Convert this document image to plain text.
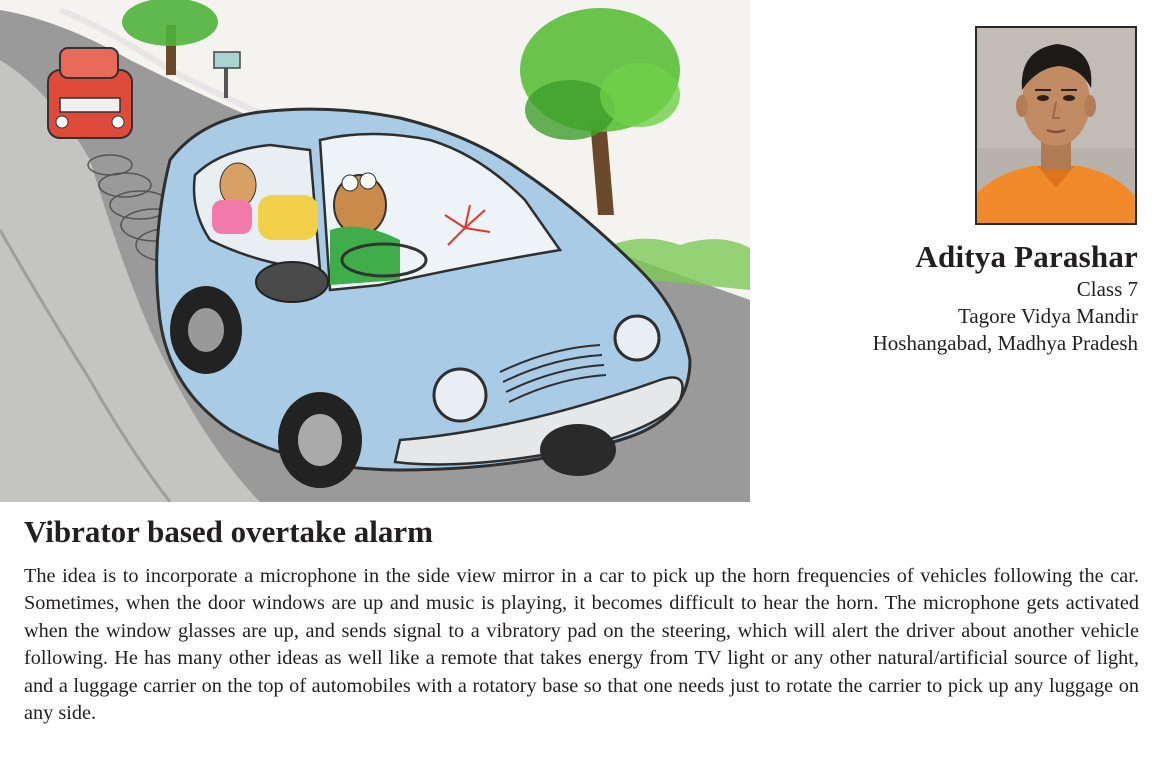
Aditya Parashar
Class 7
Tagore Vidya Mandir
Hoshangabad, Madhya Pradesh
Vibrator based overtake alarm

The idea is to incorporate a microphone in the side view mirror in a car to pick up the horn frequencies of vehicles following the car. Sometimes, when the door windows are up and music is playing, it becomes difficult to hear the horn. The microphone gets activated when the window glasses are up, and sends signal to a vibratory pad on the steering, which will alert the driver about another vehicle following. He has many other ideas as well like a remote that takes energy from TV light or any other natural/artificial source of light, and a luggage carrier on the top of automobiles with a rotatory base so that one needs just to rotate the carrier to pick up any luggage on any side.
